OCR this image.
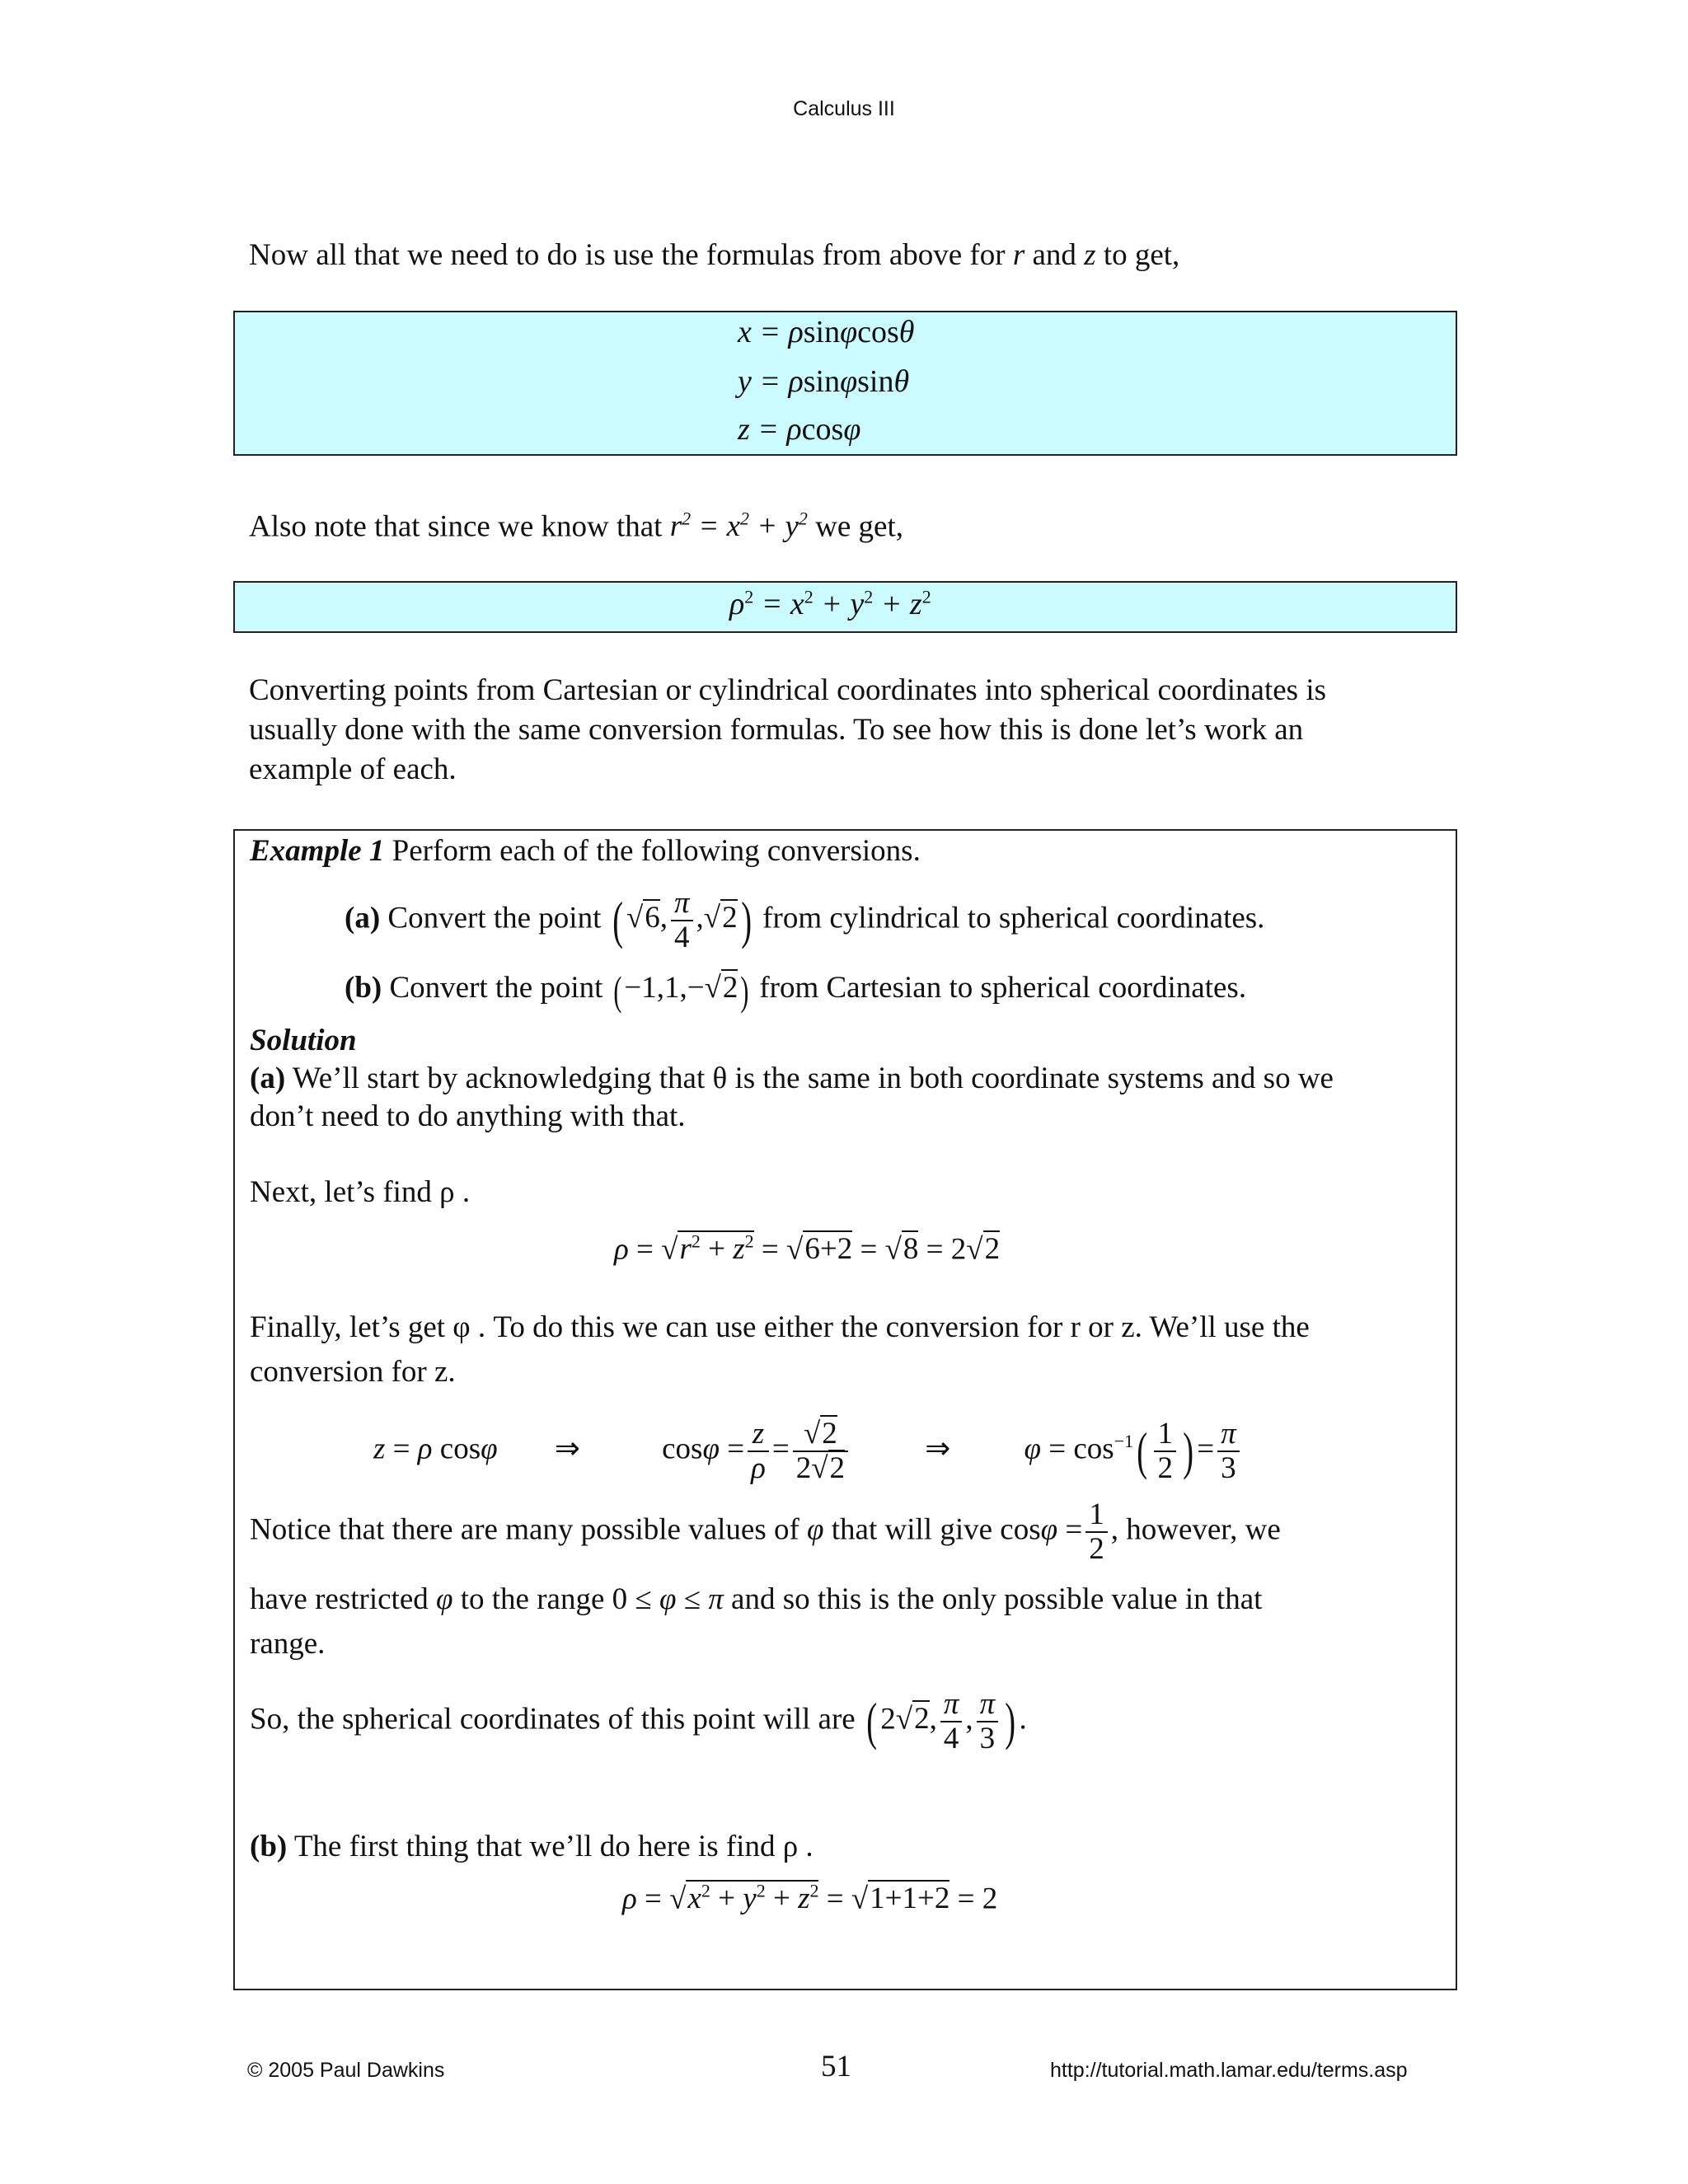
Calculus III
Now all that we need to do is use the formulas from above for r and z to get,
x = ρsinφcosθ
y = ρsinφsinθ
z = ρcosφ
Also note that since we know that $r^2 = x^2 + y^2$ we get,
$\rho^2 = x^2 + y^2 + z^2$
Converting points from Cartesian or cylindrical coordinates into spherical coordinates is
usually done with the same conversion formulas. To see how this is done let’s work an
example of each.
Example 1 Perform each of the following conversions.
(a) Convert the point ( √6, $\frac{\pi}{4} ,√2$) from cylindrical to spherical coordinates.
(b) Convert the point (−1,1,−√2) from Cartesian to spherical coordinates.
Solution
(a) We’ll start by acknowledging that θ is the same in both coordinate systems and so we
don’t need to do anything with that.
Next, let’s find ρ .
$\rho = √r^2 + z^2 = √6+2 = √8 = 2√2$
Finally, let’s get φ . To do this we can use either the conversion for r or z. We’ll use the
conversion for z.
z = ρ cosφ ⇒ $\cos\varphi = \frac{z}{\rho} = \frac{√2}{2√2}$	⇒ $\varphi = \cos^{-1}( \frac{1}{2}$ ) = $\frac{\pi}{3}$
Notice that there are many possible values of φ that will give $\cos\varphi = \frac{1}{2}$ , however, we
have restricted φ to the range 0 ≤ φ ≤ π and so this is the only possible value in that
range.
So, the spherical coordinates of this point will are ( 2√2, $\frac{\pi}{4}$ , $\frac{\pi}{3}$ ) .
(b) The first thing that we’ll do here is find ρ .
$\rho = √x^2 + y^2 + z^2 = √1+1+2 = 2$
© 2005 Paul Dawkins	51	http://tutorial.math.lamar.edu/terms.asp
